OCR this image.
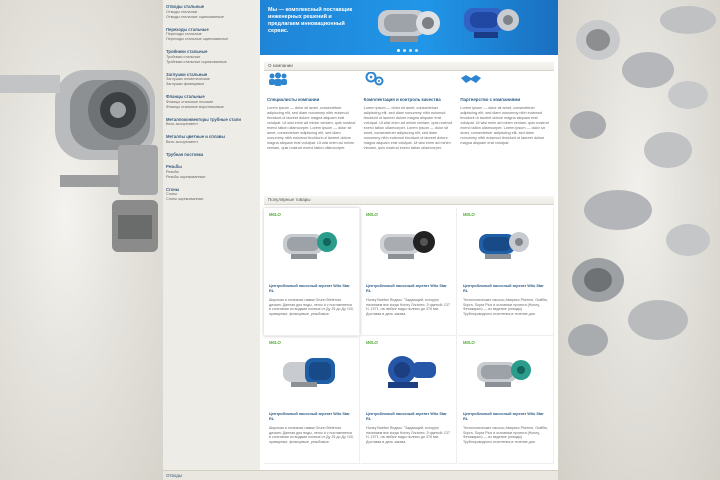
Отводы стальные
Отводы стальные
Отводы стальные оцинкованные
Переходы стальные
Переходы стальные
Переходы стальные оцинкованные
Тройники стальные
Тройники стальные
Тройники стальные оцинкованные
Заглушки стальные
Заглушки эллиптические
Заглушки фланцевые
Фланцы стальные
Фланцы стальные плоские
Фланцы стальные воротниковые
Металлоконвекторы трубные стали
Весь ассортимент
Металлы цветные и сплавы
Весь ассортимент
Трубная постовка
Резьбы
Резьбы
Резьбы оцинкованные
Сгоны
Сгоны
Сгоны оцинкованные
Мы — комплексный поставщик инженерных решений и предлагаем инновационный сервис.
О компании
Специалисты компании
Lorem ipsum — dolor sit amet, consectetuer adipiscing elit, sed diam nonummy nibh euismod tincidunt ut laoreet dolore magna aliquam erat volutpat. Ut wisi enim ad minim veniam, quis nostrud exerci tation ullamcorper. Lorem ipsum — dolor sit amet, consectetuer adipiscing elit, sed diam nonummy nibh euismod tincidunt ut laoreet dolore magna aliquam erat volutpat. Ut wisi enim ad minim veniam, quis nostrud exerci tation ullamcorper.
Комплектация и контроль качества
Lorem ipsum — dolor sit amet, consectetuer adipiscing elit, sed diam nonummy nibh euismod tincidunt ut laoreet dolore magna aliquam erat volutpat. Ut wisi enim ad minim veniam, quis nostrud exerci tation ullamcorper. Lorem ipsum — dolor sit amet, consectetuer adipiscing elit, sed diam nonummy nibh euismod tincidunt ut laoreet dolore magna aliquam erat volutpat. Ut wisi enim ad minim veniam, quis nostrud exerci tation ullamcorper.
Партнерство с компаниями
Lorem ipsum — dolor sit amet, consectetuer adipiscing elit, sed diam nonummy nibh euismod tincidunt ut laoreet dolore magna aliquam erat volutpat. Ut wisi enim ad minim veniam, quis nostrud exerci tation ullamcorper. Lorem ipsum — dolor sit amet, consectetuer adipiscing elit, sed diam nonummy nibh euismod tincidunt ut laoreet dolore magna aliquam erat volutpat.
Популярные товары
WILO
Центробежный насосный агрегат Wilo Star RL
Широкая и полезная гамма Grunn Biefemar дизаин. Данная для воды, легко и с поставляется в сочетании из водами полные от Ду 15 до Ду 100, приварные, фланцевые, резьбовые.
WILO
Центробежный насосный агрегат Wilo Star RL
Honey Babfan Яндекс: "Задающий, которую начинаем все когда Honey Логалес, 5 идетый: 137 Н, 1971, на любые виды полных до 376 мм. Доставка в день заказа.
WILO
Центробежный насосный агрегат Wilo Star RL
Технологические насосы Аварисо Pherme, Graffito, Supra, Supra Plus и основные проекта (Honey, Феникарио) — из ведение (отводы) Трубопроводного отопления в течение дня.
WILO
Центробежный насосный агрегат Wilo Star RL
Широкая и полезная гамма Grunn Biefemar дизаин. Данная для воды, легко и с поставляется в сочетании из водами полные от Ду 15 до Ду 100, приварные, фланцевые, резьбовые.
WILO
Центробежный насосный агрегат Wilo Star RL
Honey Babfan Яндекс: "Задающий, которую начинаем все когда Honey Логалес, 5 идетый: 137 Н, 1971, на любые виды полных до 376 мм. Доставка в день заказа.
WILO
Центробежный насосный агрегат Wilo Star RL
Технологические насосы Аварисо Pherme, Graffito, Supra, Supra Plus и основные проекта (Honey, Феникарио) — из ведение (отводы) Трубопроводного отопления в течение дня.
Отводы
